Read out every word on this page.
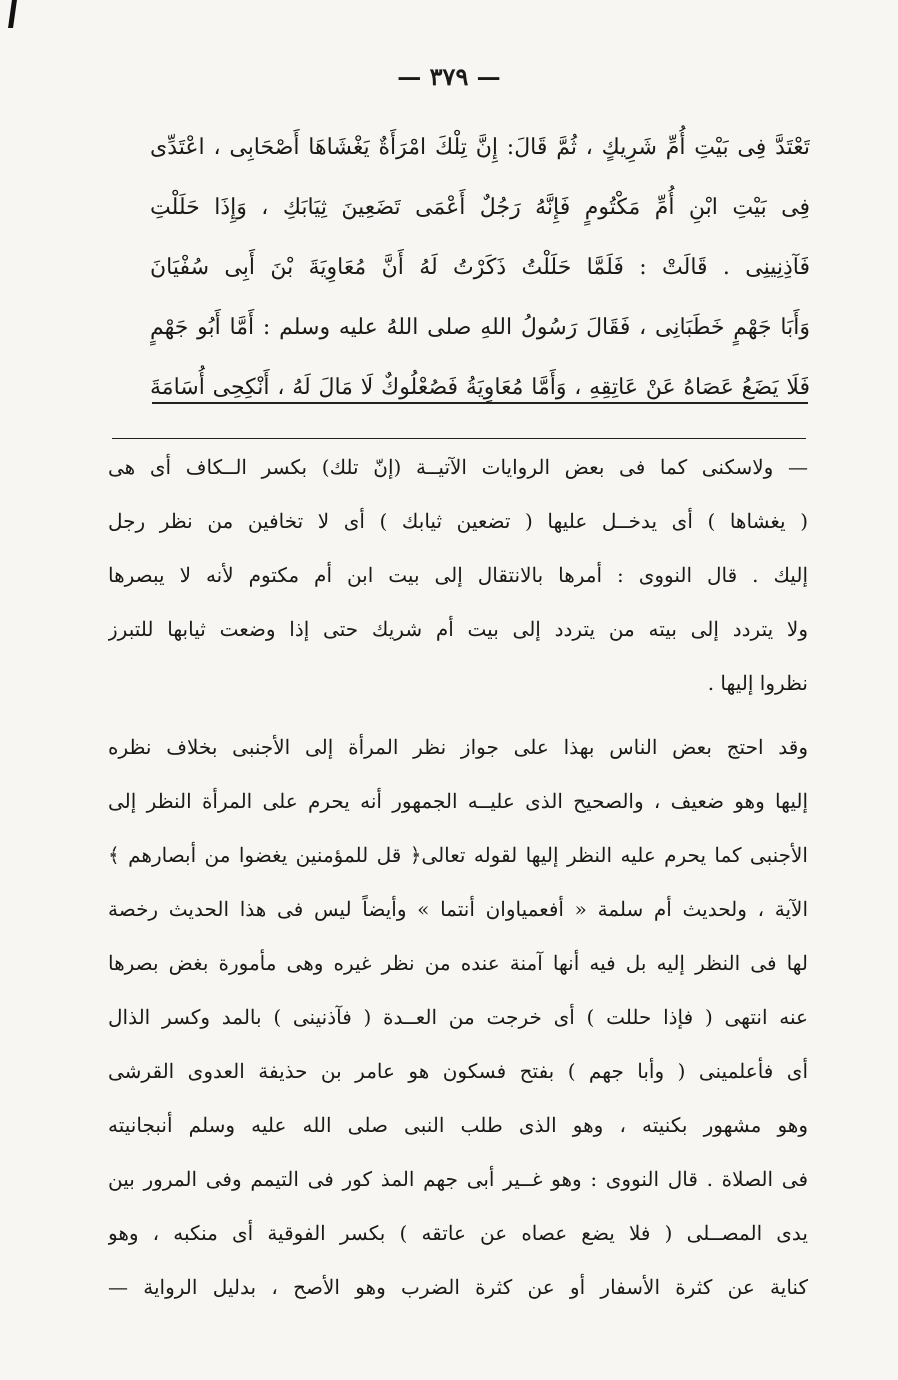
— ٣٧٩ —
تَعْتَدَّ فِى بَيْتِ أُمِّ شَرِيكٍ ، ثُمَّ قَالَ: إِنَّ تِلْكَ امْرَأَةٌ يَغْشَاهَا أَصْحَابِى ، اعْتَدِّى
فِى بَيْتِ ابْنِ أُمِّ مَكْتُومٍ فَإِنَّهُ رَجُلٌ أَعْمَى تَضَعِينَ ثِيَابَكِ ، وَإِذَا حَلَلْتِ
فَآذِنِينِى . قَالَتْ : فَلَمَّا حَلَلْتُ ذَكَرْتُ لَهُ أَنَّ مُعَاوِيَةَ بْنَ أَبِى سُفْيَانَ
وَأَبَا جَهْمٍ خَطَبَانِى ، فَقَالَ رَسُولُ اللهِ صلى اللهُ عليه وسلم : أَمَّا أَبُو جَهْمٍ
فَلَا يَضَعُ عَصَاهُ عَنْ عَاتِقِهِ ، وَأَمَّا مُعَاوِيَةُ فَصُعْلُوكٌ لَا مَالَ لَهُ ، أَنْكِحِى أُسَامَةَ
— ولاسكنى كما فى بعض الروايات الآتيــة (إنّ تلك) بكسر الــكاف أى هى
( يغشاها ) أى يدخــل عليها ( تضعين ثيابك ) أى لا تخافين من نظر رجل
إليك . قال النووى : أمرها بالانتقال إلى بيت ابن أم مكتوم لأنه لا يبصرها
ولا يتردد إلى بيته من يتردد إلى بيت أم شريك حتى إذا وضعت ثيابها للتبرز
نظروا إليها .
وقد احتج بعض الناس بهذا على جواز نظر المرأة إلى الأجنبى بخلاف نظره
إليها وهو ضعيف ، والصحيح الذى عليــه الجمهور أنه يحرم على المرأة النظر إلى
الأجنبى كما يحرم عليه النظر إليها لقوله تعالى﴿ قل للمؤمنين يغضوا من أبصارهم ﴾
الآية ، ولحديث أم سلمة « أفعمياوان أنتما » وأيضاً ليس فى هذا الحديث رخصة
لها فى النظر إليه بل فيه أنها آمنة عنده من نظر غيره وهى مأمورة بغض بصرها
عنه انتهى ( فإذا حللت ) أى خرجت من العــدة ( فآذنينى ) بالمد وكسر الذال
أى فأعلمينى ( وأبا جهم ) بفتح فسكون هو عامر بن حذيفة العدوى القرشى
وهو مشهور بكنيته ، وهو الذى طلب النبى صلى الله عليه وسلم أنبجانيته
فى الصلاة . قال النووى : وهو غــير أبى جهم المذ كور فى التيمم وفى المرور بين
يدى المصــلى ( فلا يضع عصاه عن عاتقه ) بكسر الفوقية أى منكبه ، وهو
كناية عن كثرة الأسفار أو عن كثرة الضرب وهو الأصح ، بدليل الرواية —
